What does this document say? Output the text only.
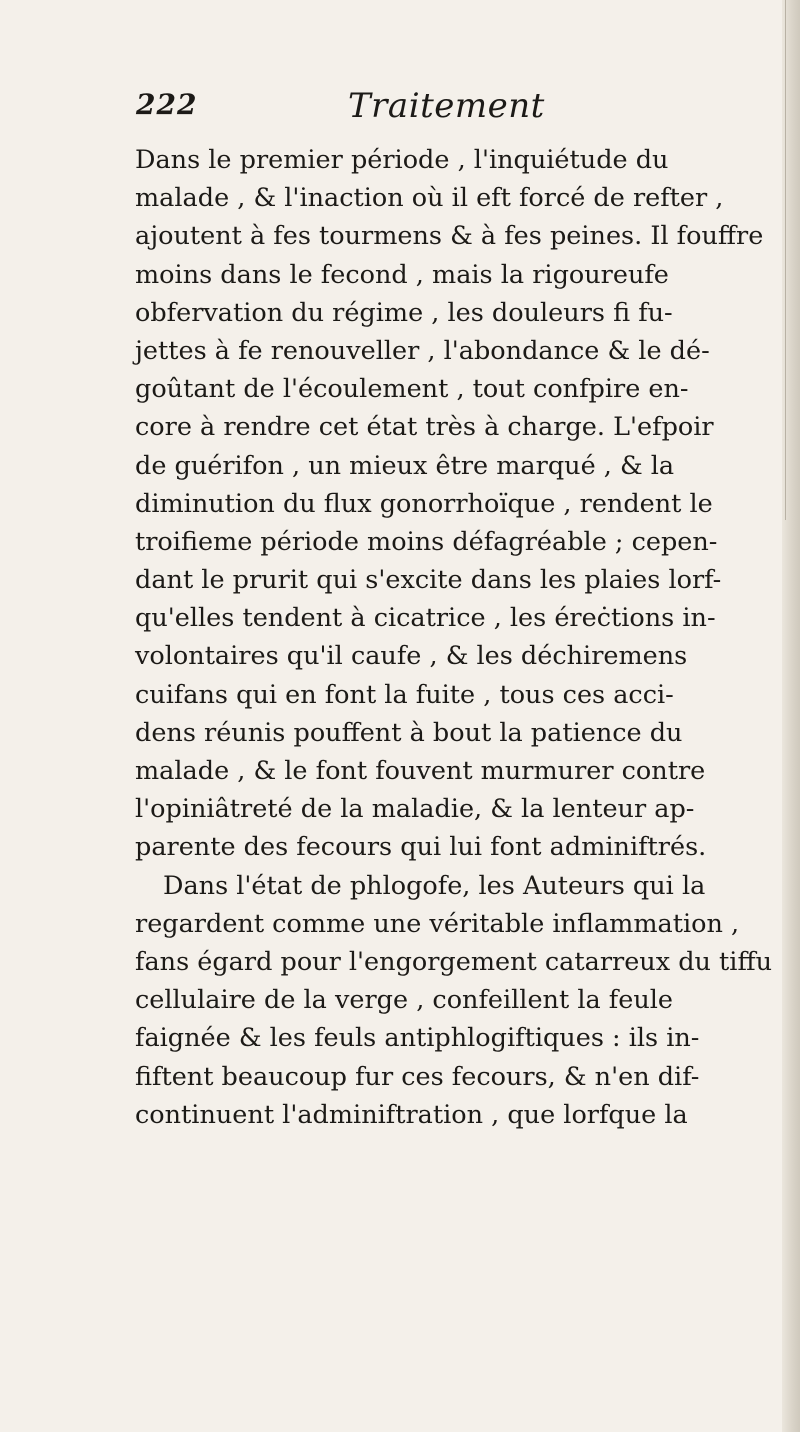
222	Traitement
Dans le premier période , l'inquiétude du
malade , & l'inaction où il eft forcé de refter ,
ajoutent à fes tourmens & à fes peines. Il fouffre
moins dans le fecond , mais la rigoureufe
obfervation du régime , les douleurs fi fu-
jettes à fe renouveller , l'abondance & le dé-
goûtant de l'écoulement , tout confpire en-
core à rendre cet état très à charge. L'efpoir
de guérifon , un mieux être marqué , & la
diminution du flux gonorrhoïque , rendent le
troifieme période moins défagréable ; cepen-
dant le prurit qui s'excite dans les plaies lorf-
qu'elles tendent à cicatrice , les éreċtions in-
volontaires qu'il caufe , & les déchiremens
cuifans qui en font la fuite , tous ces acci-
dens réunis pouffent à bout la patience du
malade , & le font fouvent murmurer contre
l'opiniâtreté de la maladie, & la lenteur ap-
parente des fecours qui lui font adminiftrés.
Dans l'état de phlogofe, les Auteurs qui la
regardent comme une véritable inflammation ,
fans égard pour l'engorgement catarreux du tiffu
cellulaire de la verge , confeillent la feule
faignée & les feuls antiphlogiftiques : ils in-
fiftent beaucoup fur ces fecours, & n'en dif-
continuent l'adminiftration , que lorfque la
